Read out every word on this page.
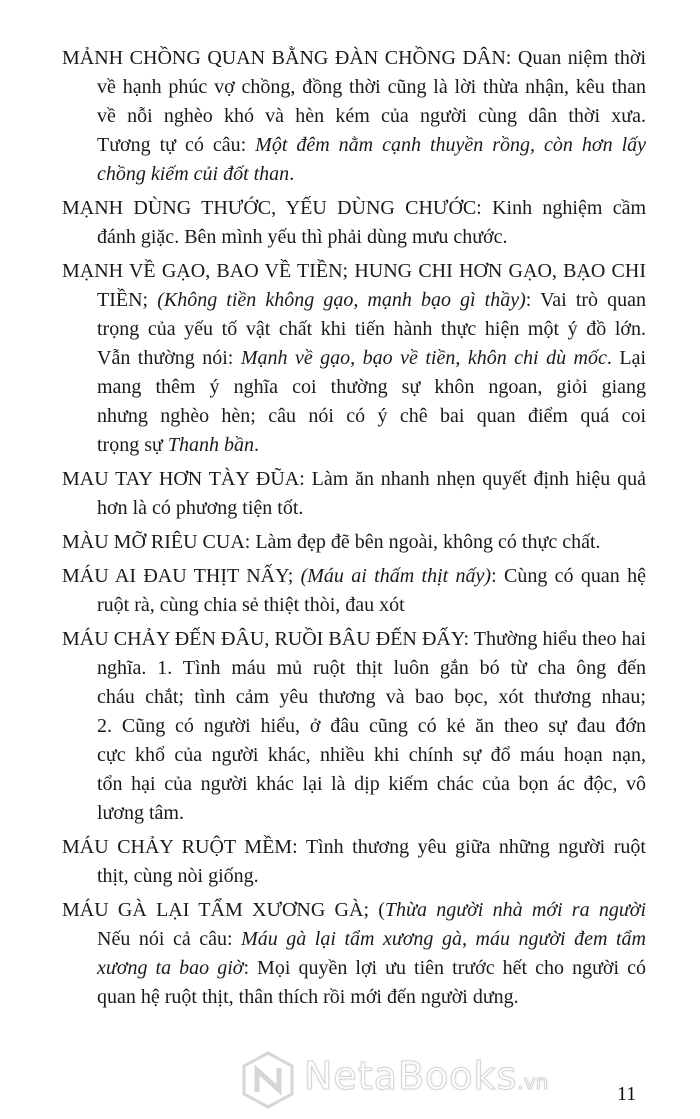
MẢNH CHỒNG QUAN BẰNG ĐÀN CHỒNG DÂN: Quan niệm thời
về hạnh phúc vợ chồng, đồng thời cũng là lời thừa nhận, kêu than
về nỗi nghèo khó và hèn kém của người cùng dân thời xưa.
Tương tự có câu: Một đêm nằm cạnh thuyền rồng, còn hơn lấy
chồng kiếm củi đốt than.
MẠNH DÙNG THƯỚC, YẾU DÙNG CHƯỚC: Kinh nghiệm cầm
đánh giặc. Bên mình yếu thì phải dùng mưu chước.
MẠNH VỀ GẠO, BAO VỀ TIỀN; HUNG CHI HƠN GẠO, BẠO CHI
TIỀN; (Không tiền không gạo, mạnh bạo gì thầy): Vai trò quan
trọng của yếu tố vật chất khi tiến hành thực hiện một ý đồ lớn.
Vẫn thường nói: Mạnh về gạo, bạo về tiền, khôn chi dù mốc. Lại
mang thêm ý nghĩa coi thường sự khôn ngoan, giỏi giang
nhưng nghèo hèn; câu nói có ý chê bai quan điểm quá coi
trọng sự Thanh bần.
MAU TAY HƠN TÀY ĐŨA: Làm ăn nhanh nhẹn quyết định hiệu quả
hơn là có phương tiện tốt.
MÀU MỠ RIÊU CUA: Làm đẹp đẽ bên ngoài, không có thực chất.
MÁU AI ĐAU THỊT NẤY; (Máu ai thấm thịt nấy): Cùng có quan hệ
ruột rà, cùng chia sẻ thiệt thòi, đau xót
MÁU CHẢY ĐẾN ĐÂU, RUỒI BÂU ĐẾN ĐẤY: Thường hiểu theo hai
nghĩa. 1. Tình máu mủ ruột thịt luôn gắn bó từ cha ông đến
cháu chắt; tình cảm yêu thương và bao bọc, xót thương nhau;
2. Cũng có người hiểu, ở đâu cũng có kẻ ăn theo sự đau đớn
cực khổ của người khác, nhiều khi chính sự đổ máu hoạn nạn,
tổn hại của người khác lại là dịp kiếm chác của bọn ác độc, vô
lương tâm.
MÁU CHẢY RUỘT MỀM: Tình thương yêu giữa những người ruột
thịt, cùng nòi giống.
MÁU GÀ LẠI TẨM XƯƠNG GÀ; (Thừa người nhà mới ra người
Nếu nói cả câu: Máu gà lại tẩm xương gà, máu người đem tẩm
xương ta bao giờ: Mọi quyền lợi ưu tiên trước hết cho người có
quan hệ ruột thịt, thân thích rồi mới đến người dưng.
NetaBooks.vn	11
